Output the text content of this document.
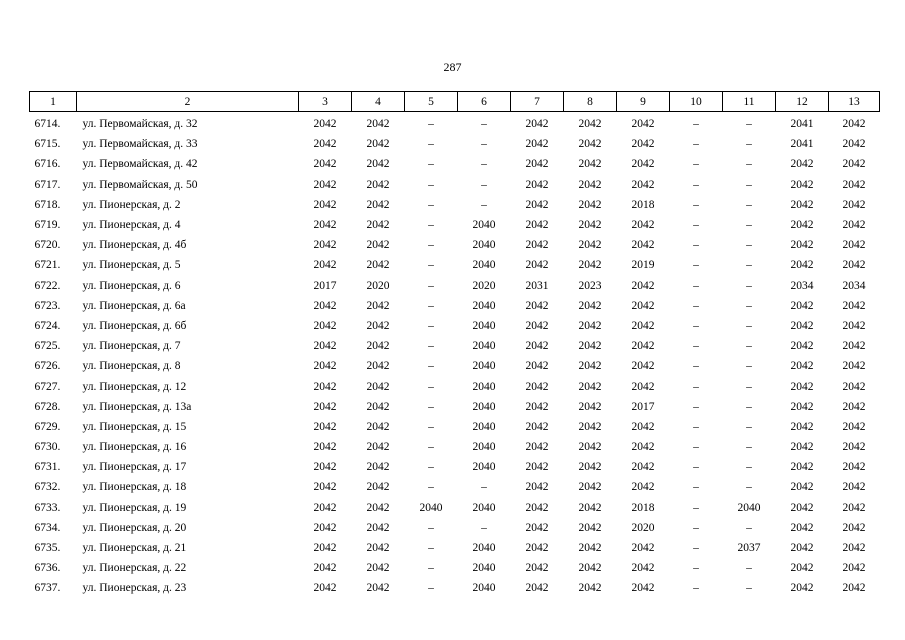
287
1	2	3	4	5	6	7	8	9	10	11	12	13
6714.	ул. Первомайская, д. 32	2042	2042	–	–	2042	2042	2042	–	–	2041	2042
6715.	ул. Первомайская, д. 33	2042	2042	–	–	2042	2042	2042	–	–	2041	2042
6716.	ул. Первомайская, д. 42	2042	2042	–	–	2042	2042	2042	–	–	2042	2042
6717.	ул. Первомайская, д. 50	2042	2042	–	–	2042	2042	2042	–	–	2042	2042
6718.	ул. Пионерская, д. 2	2042	2042	–	–	2042	2042	2018	–	–	2042	2042
6719.	ул. Пионерская, д. 4	2042	2042	–	2040	2042	2042	2042	–	–	2042	2042
6720.	ул. Пионерская, д. 4б	2042	2042	–	2040	2042	2042	2042	–	–	2042	2042
6721.	ул. Пионерская, д. 5	2042	2042	–	2040	2042	2042	2019	–	–	2042	2042
6722.	ул. Пионерская, д. 6	2017	2020	–	2020	2031	2023	2042	–	–	2034	2034
6723.	ул. Пионерская, д. 6а	2042	2042	–	2040	2042	2042	2042	–	–	2042	2042
6724.	ул. Пионерская, д. 6б	2042	2042	–	2040	2042	2042	2042	–	–	2042	2042
6725.	ул. Пионерская, д. 7	2042	2042	–	2040	2042	2042	2042	–	–	2042	2042
6726.	ул. Пионерская, д. 8	2042	2042	–	2040	2042	2042	2042	–	–	2042	2042
6727.	ул. Пионерская, д. 12	2042	2042	–	2040	2042	2042	2042	–	–	2042	2042
6728.	ул. Пионерская, д. 13а	2042	2042	–	2040	2042	2042	2017	–	–	2042	2042
6729.	ул. Пионерская, д. 15	2042	2042	–	2040	2042	2042	2042	–	–	2042	2042
6730.	ул. Пионерская, д. 16	2042	2042	–	2040	2042	2042	2042	–	–	2042	2042
6731.	ул. Пионерская, д. 17	2042	2042	–	2040	2042	2042	2042	–	–	2042	2042
6732.	ул. Пионерская, д. 18	2042	2042	–	–	2042	2042	2042	–	–	2042	2042
6733.	ул. Пионерская, д. 19	2042	2042	2040	2040	2042	2042	2018	–	2040	2042	2042
6734.	ул. Пионерская, д. 20	2042	2042	–	–	2042	2042	2020	–	–	2042	2042
6735.	ул. Пионерская, д. 21	2042	2042	–	2040	2042	2042	2042	–	2037	2042	2042
6736.	ул. Пионерская, д. 22	2042	2042	–	2040	2042	2042	2042	–	–	2042	2042
6737.	ул. Пионерская, д. 23	2042	2042	–	2040	2042	2042	2042	–	–	2042	2042
